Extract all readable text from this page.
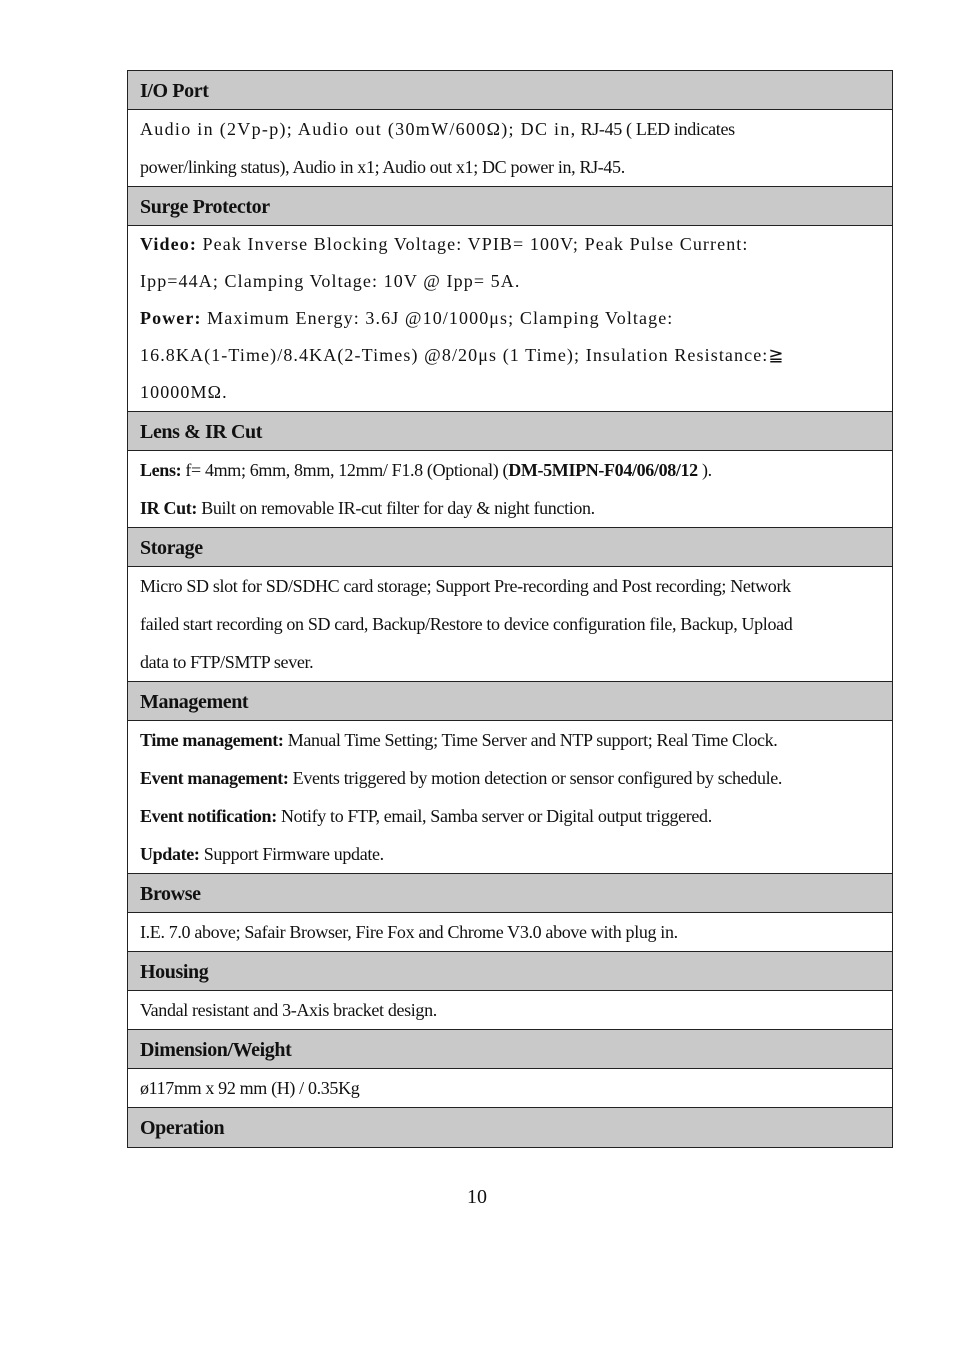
I/O Port

Audio in (2Vp-p); Audio out (30mW/600Ω); DC in, RJ-45 ( LED indicates

power/linking status), Audio in x1; Audio out x1; DC power in, RJ-45.

Surge Protector

Video: Peak Inverse Blocking Voltage: VPIB= 100V; Peak Pulse Current:

Ipp=44A; Clamping Voltage: 10V @ Ipp= 5A.

Power: Maximum Energy: 3.6J @10/1000μs; Clamping Voltage:

16.8KA(1-Time)/8.4KA(2-Times) @8/20μs (1 Time); Insulation Resistance:≧

10000MΩ.

Lens & IR Cut

Lens: f= 4mm; 6mm, 8mm, 12mm/ F1.8 (Optional) (DM-5MIPN-F04/06/08/12 ).

IR Cut: Built on removable IR-cut filter for day & night function.

Storage

Micro SD slot for SD/SDHC card storage; Support Pre-recording and Post recording; Network

failed start recording on SD card, Backup/Restore to device configuration file, Backup, Upload

data to FTP/SMTP sever.

Management

Time management: Manual Time Setting; Time Server and NTP support; Real Time Clock.

Event management: Events triggered by motion detection or sensor configured by schedule.

Event notification: Notify to FTP, email, Samba server or Digital output triggered.

Update: Support Firmware update.

Browse

I.E. 7.0 above; Safair Browser, Fire Fox and Chrome V3.0 above with plug in.

Housing

Vandal resistant and 3-Axis bracket design.

Dimension/Weight

ø117mm x 92 mm (H) / 0.35Kg

Operation
10
